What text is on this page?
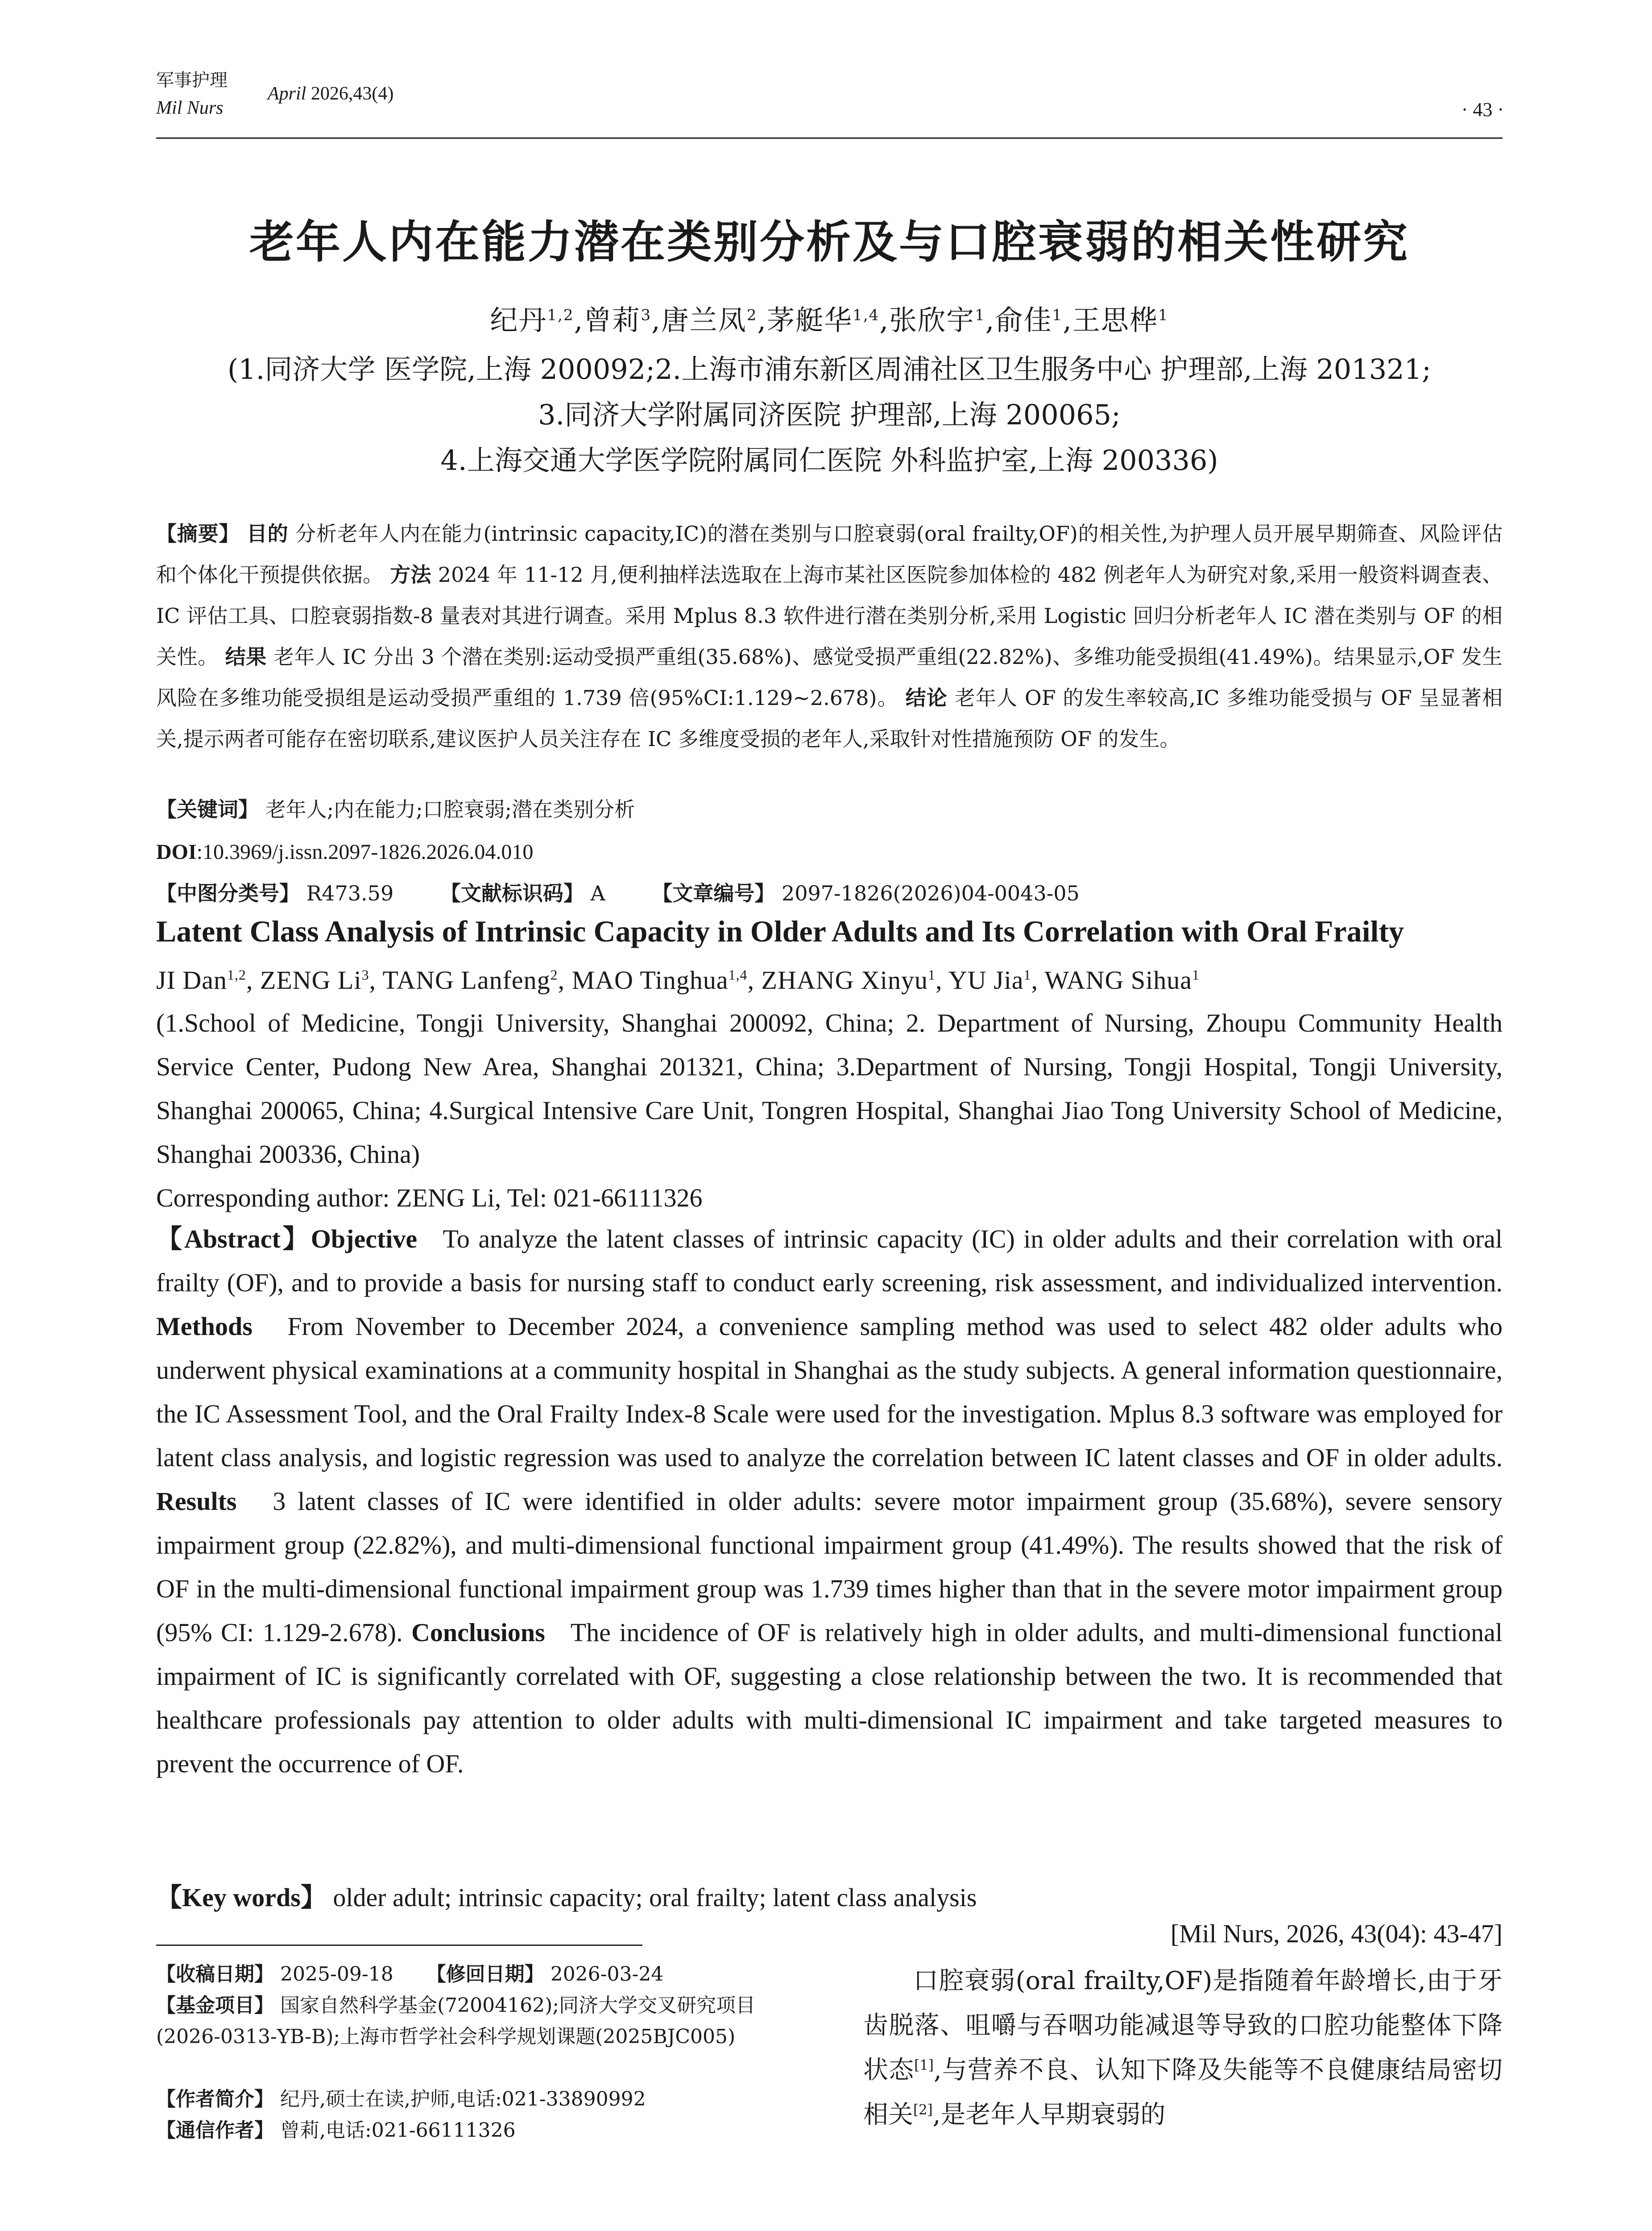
军事护理
Mil Nurs
April 2026,43(4)
· 43 ·
老年人内在能力潜在类别分析及与口腔衰弱的相关性研究
纪丹$^{1,2}$,曾莉$^3$,唐兰凤$^2$,茅艇华$^{1,4}$,张欣宇$^1$,俞佳$^1$,王思桦$^1$
(1.同济大学 医学院,上海 200092;2.上海市浦东新区周浦社区卫生服务中心 护理部,上海 201321;
3.同济大学附属同济医院 护理部,上海 200065;
4.上海交通大学医学院附属同仁医院 外科监护室,上海 200336)
【摘要】 目的 分析老年人内在能力(intrinsic capacity,IC)的潜在类别与口腔衰弱(oral frailty,OF)的相关性,为护理人员开展早期筛查、风险评估和个体化干预提供依据。 方法 2024 年 11-12 月,便利抽样法选取在上海市某社区医院参加体检的 482 例老年人为研究对象,采用一般资料调查表、IC 评估工具、口腔衰弱指数-8 量表对其进行调查。采用 Mplus 8.3 软件进行潜在类别分析,采用 Logistic 回归分析老年人 IC 潜在类别与 OF 的相关性。 结果 老年人 IC 分出 3 个潜在类别:运动受损严重组(35.68%)、感觉受损严重组(22.82%)、多维功能受损组(41.49%)。结果显示,OF 发生风险在多维功能受损组是运动受损严重组的 1.739 倍(95%CI:1.129~2.678)。 结论 老年人 OF 的发生率较高,IC 多维功能受损与 OF 呈显著相关,提示两者可能存在密切联系,建议医护人员关注存在 IC 多维度受损的老年人,采取针对性措施预防 OF 的发生。
【关键词】 老年人;内在能力;口腔衰弱;潜在类别分析
DOI:10.3969/j.issn.2097-1826.2026.04.010
【中图分类号】 R473.59 【文献标识码】 A 【文章编号】 2097-1826(2026)04-0043-05
Latent Class Analysis of Intrinsic Capacity in Older Adults and Its Correlation with Oral Frailty
JI Dan$^{1,2}$, ZENG Li$^3$, TANG Lanfeng$^2$, MAO Tinghua$^{1,4}$, ZHANG Xinyu$^1$, YU Jia$^1$, WANG Sihua$^1$
(1.School of Medicine, Tongji University, Shanghai 200092, China; 2. Department of Nursing, Zhoupu Community Health Service Center, Pudong New Area, Shanghai 201321, China; 3.Department of Nursing, Tongji Hospital, Tongji University, Shanghai 200065, China; 4.Surgical Intensive Care Unit, Tongren Hospital, Shanghai Jiao Tong University School of Medicine, Shanghai 200336, China)
Corresponding author: ZENG Li, Tel: 021-66111326
【Abstract】Objective To analyze the latent classes of intrinsic capacity (IC) in older adults and their correlation with oral frailty (OF), and to provide a basis for nursing staff to conduct early screening, risk assessment, and individualized intervention. Methods From November to December 2024, a convenience sampling method was used to select 482 older adults who underwent physical examinations at a community hospital in Shanghai as the study subjects. A general information questionnaire, the IC Assessment Tool, and the Oral Frailty Index-8 Scale were used for the investigation. Mplus 8.3 software was employed for latent class analysis, and logistic regression was used to analyze the correlation between IC latent classes and OF in older adults. Results 3 latent classes of IC were identified in older adults: severe motor impairment group (35.68%), severe sensory impairment group (22.82%), and multi-dimensional functional impairment group (41.49%). The results showed that the risk of OF in the multi-dimensional functional impairment group was 1.739 times higher than that in the severe motor impairment group (95% CI: 1.129-2.678). Conclusions The incidence of OF is relatively high in older adults, and multi-dimensional functional impairment of IC is significantly correlated with OF, suggesting a close relationship between the two. It is recommended that healthcare professionals pay attention to older adults with multi-dimensional IC impairment and take targeted measures to prevent the occurrence of OF.
【Key words】 older adult; intrinsic capacity; oral frailty; latent class analysis
[Mil Nurs, 2026, 43(04): 43-47]
【收稿日期】 2025-09-18 【修回日期】 2026-03-24
【基金项目】 国家自然科学基金(72004162);同济大学交叉研究项目(2026-0313-YB-B);上海市哲学社会科学规划课题(2025BJC005)
【作者简介】 纪丹,硕士在读,护师,电话:021-33890992
【通信作者】 曾莉,电话:021-66111326
口腔衰弱(oral frailty,OF)是指随着年龄增长,由于牙齿脱落、咀嚼与吞咽功能减退等导致的口腔功能整体下降状态[1],与营养不良、认知下降及失能等不良健康结局密切相关[2],是老年人早期衰弱的
